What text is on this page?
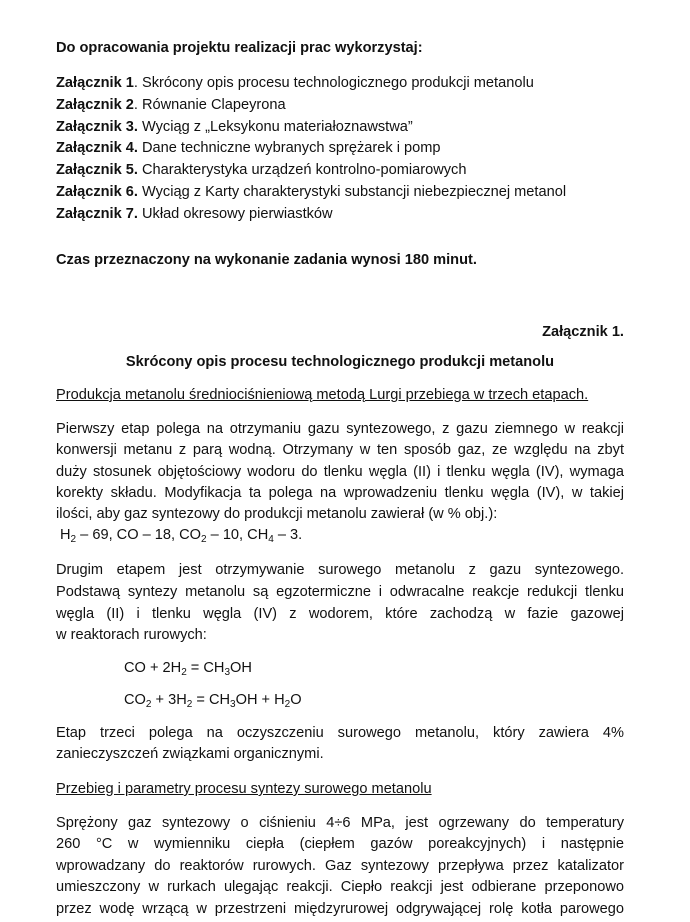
Do opracowania projektu realizacji prac wykorzystaj:
Załącznik 1. Skrócony opis procesu technologicznego produkcji metanolu
Załącznik 2. Równanie Clapeyrona
Załącznik 3. Wyciąg z „Leksykonu materiałoznawstwa”
Załącznik 4. Dane techniczne wybranych sprężarek i pomp
Załącznik 5. Charakterystyka urządzeń kontrolno-pomiarowych
Załącznik 6. Wyciąg z Karty charakterystyki substancji niebezpiecznej metanol
Załącznik 7. Układ okresowy pierwiastków
Czas przeznaczony na wykonanie zadania wynosi 180 minut.
Załącznik 1.
Skrócony opis procesu technologicznego produkcji metanolu
Produkcja metanolu średniociśnieniową metodą Lurgi przebiega w trzech etapach.
Pierwszy etap polega na otrzymaniu gazu syntezowego, z gazu ziemnego w reakcji
konwersji metanu z parą wodną. Otrzymany w ten sposób gaz, ze względu na zbyt
duży stosunek objętościowy wodoru do tlenku węgla (II) i tlenku węgla (IV), wymaga
korekty składu. Modyfikacja ta polega na wprowadzeniu tlenku węgla (IV), w takiej
ilości, aby gaz syntezowy do produkcji metanolu zawierał (w % obj.):
$H_2 - 69$, CO – 18, $CO_2 - 10$, $CH_4 - 3$.
Drugim etapem jest otrzymywanie surowego metanolu z gazu syntezowego.
Podstawą syntezy metanolu są egzotermiczne i odwracalne reakcje redukcji tlenku
węgla (II) i tlenku węgla (IV) z wodorem, które zachodzą w fazie gazowej
w reaktorach rurowych:
CO + $2H_2 = CH_3OH$
$CO_2 + 3H_2 = CH_3OH + H_2O$
Etap trzeci polega na oczyszczeniu surowego metanolu, który zawiera 4%
zanieczyszczeń związkami organicznymi.
Przebieg i parametry procesu syntezy surowego metanolu
Sprężony gaz syntezowy o ciśnieniu 4÷6 MPa, jest ogrzewany do temperatury
260 °C w wymienniku ciepła (ciepłem gazów poreakcyjnych) i następnie
wprowadzany do reaktorów rurowych. Gaz syntezowy przepływa przez katalizator
umieszczony w rurkach ulegając reakcji. Ciepło reakcji jest odbierane przeponowo
przez wodę wrzącą w przestrzeni międzyrurowej odgrywającej rolę kotła parowego
